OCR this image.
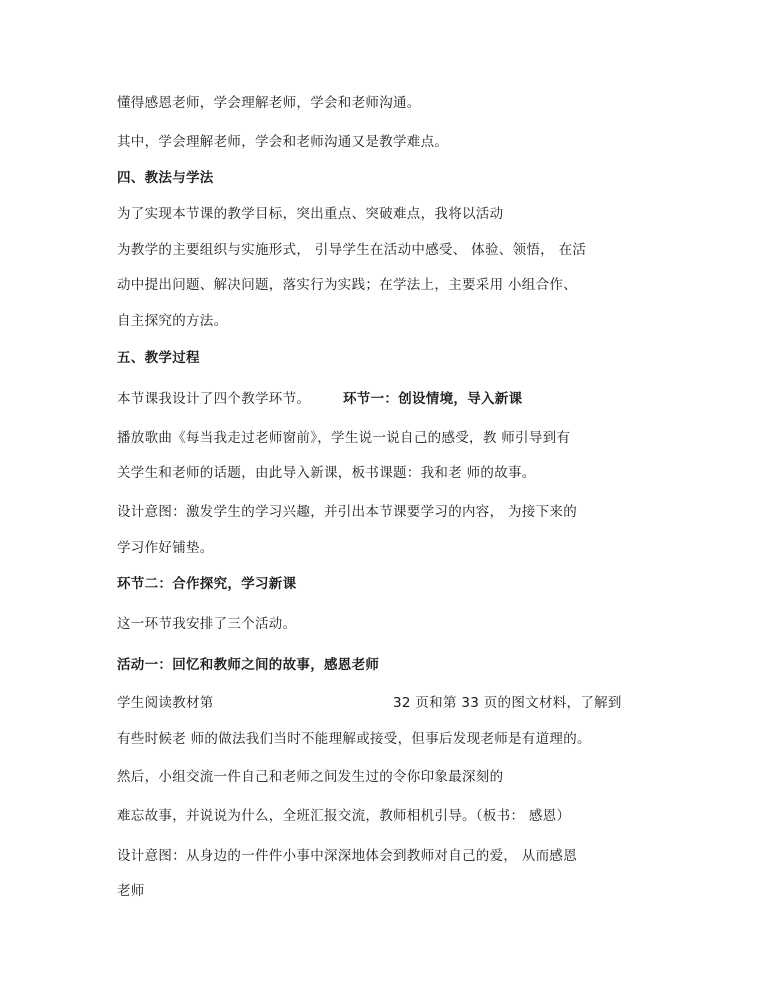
懂得感恩老师，学会理解老师，学会和老师沟通。
其中，学会理解老师，学会和老师沟通又是教学难点。
四、教法与学法
为了实现本节课的教学目标，突出重点、突破难点，我将以活动
为教学的主要组织与实施形式， 引导学生在活动中感受、 体验、领悟， 在活
动中提出问题、解决问题，落实行为实践；在学法上，主要采用 小组合作、
自主探究的方法。
五、教学过程
本节课我设计了四个教学环节。 环节一：创设情境，导入新课
播放歌曲《每当我走过老师窗前》，学生说一说自己的感受，教 师引导到有
关学生和老师的话题，由此导入新课，板书课题：我和老 师的故事。
设计意图：激发学生的学习兴趣，并引出本节课要学习的内容， 为接下来的
学习作好铺垫。
环节二：合作探究，学习新课
这一环节我安排了三个活动。
活动一：回忆和教师之间的故事，感恩老师
学生阅读教材第	32 页和第 33 页的图文材料，了解到
有些时候老 师的做法我们当时不能理解或接受，但事后发现老师是有道理的。
然后，小组交流一件自己和老师之间发生过的令你印象最深刻的
难忘故事，并说说为什么，全班汇报交流，教师相机引导。（板书： 感恩）
设计意图：从身边的一件件小事中深深地体会到教师对自己的爱， 从而感恩
老师
